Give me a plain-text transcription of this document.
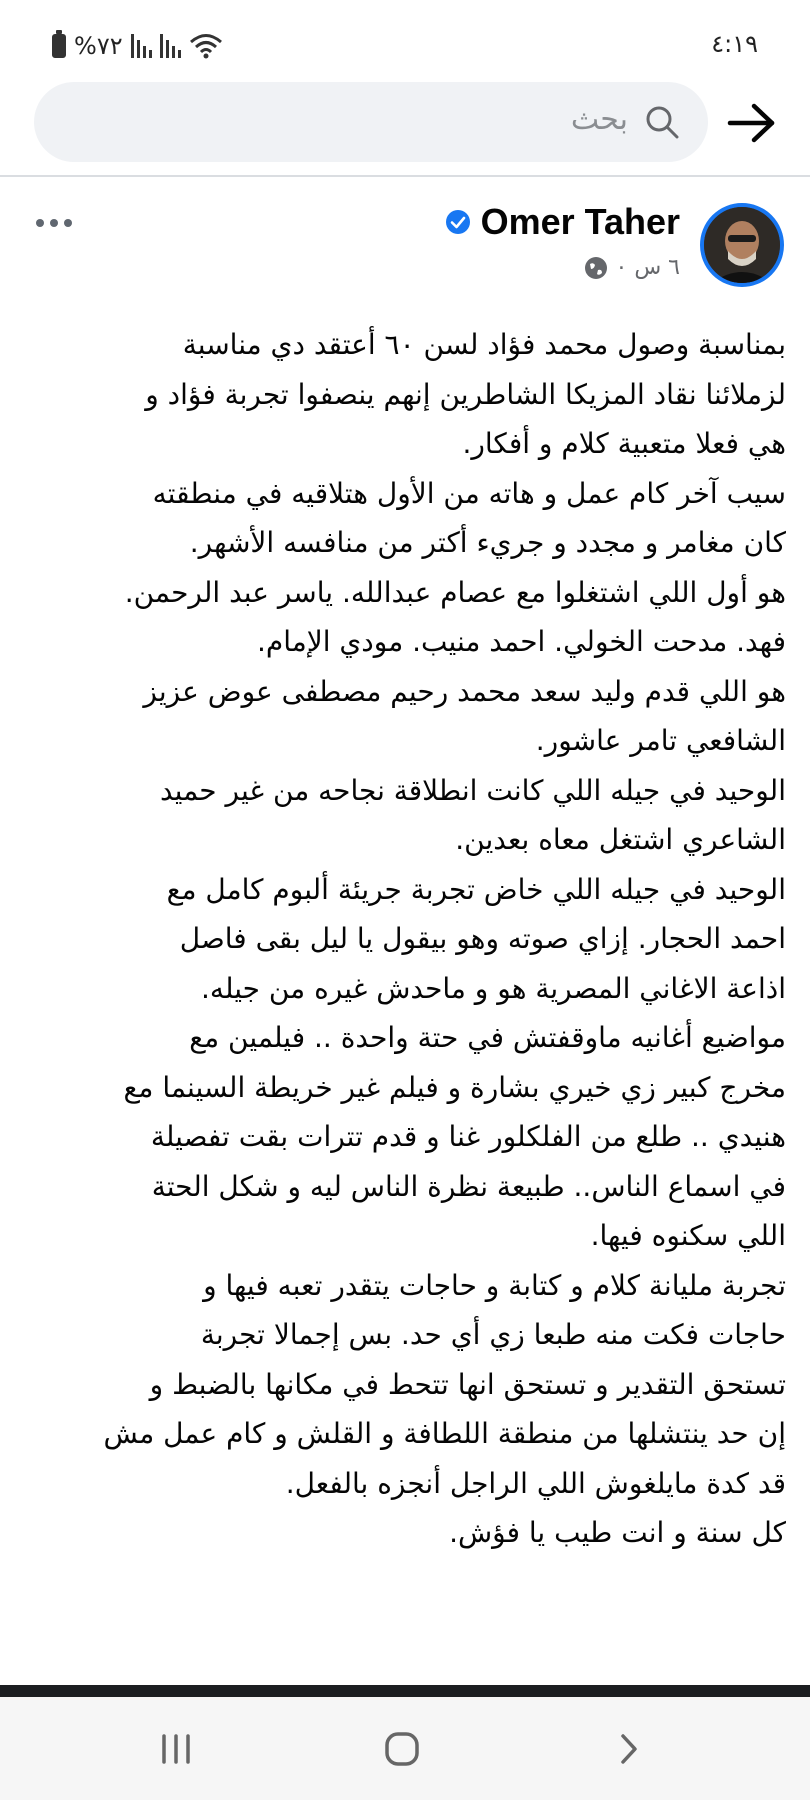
%٧٢	٤:١٩
بحث
Omer Taher
٦ س ٠

بمناسبة وصول محمد فؤاد لسن ٦٠ أعتقد دي مناسبة

لزملائنا نقاد المزيكا الشاطرين إنهم ينصفوا تجربة فؤاد و

هي فعلا متعبية كلام و أفكار.

سيب آخر كام عمل و هاته من الأول هتلاقيه في منطقته

كان مغامر و مجدد و جريء أكتر من منافسه الأشهر.

هو أول اللي اشتغلوا مع عصام عبدالله. ياسر عبد الرحمن.

فهد. مدحت الخولي. احمد منيب. مودي الإمام.

هو اللي قدم وليد سعد محمد رحيم مصطفى عوض عزيز

الشافعي تامر عاشور.

الوحيد في جيله اللي كانت انطلاقة نجاحه من غير حميد

الشاعري اشتغل معاه بعدين.

الوحيد في جيله اللي خاض تجربة جريئة ألبوم كامل مع

احمد الحجار. إزاي صوته وهو بيقول يا ليل بقى فاصل

اذاعة الاغاني المصرية هو و ماحدش غيره من جيله.

مواضيع أغانيه ماوقفتش في حتة واحدة .. فيلمين مع

مخرج كبير زي خيري بشارة و فيلم غير خريطة السينما مع

هنيدي .. طلع من الفلكلور غنا و قدم تترات بقت تفصيلة

في اسماع الناس.. طبيعة نظرة الناس ليه و شكل الحتة

اللي سكنوه فيها.

تجربة مليانة كلام و كتابة و حاجات يتقدر تعبه فيها و

حاجات فكت منه طبعا زي أي حد. بس إجمالا تجربة

تستحق التقدير و تستحق انها تتحط في مكانها بالضبط و

إن حد ينتشلها من منطقة اللطافة و القلش و كام عمل مش

قد كدة مايلغوش اللي الراجل أنجزه بالفعل.

كل سنة و انت طيب يا فؤش.
